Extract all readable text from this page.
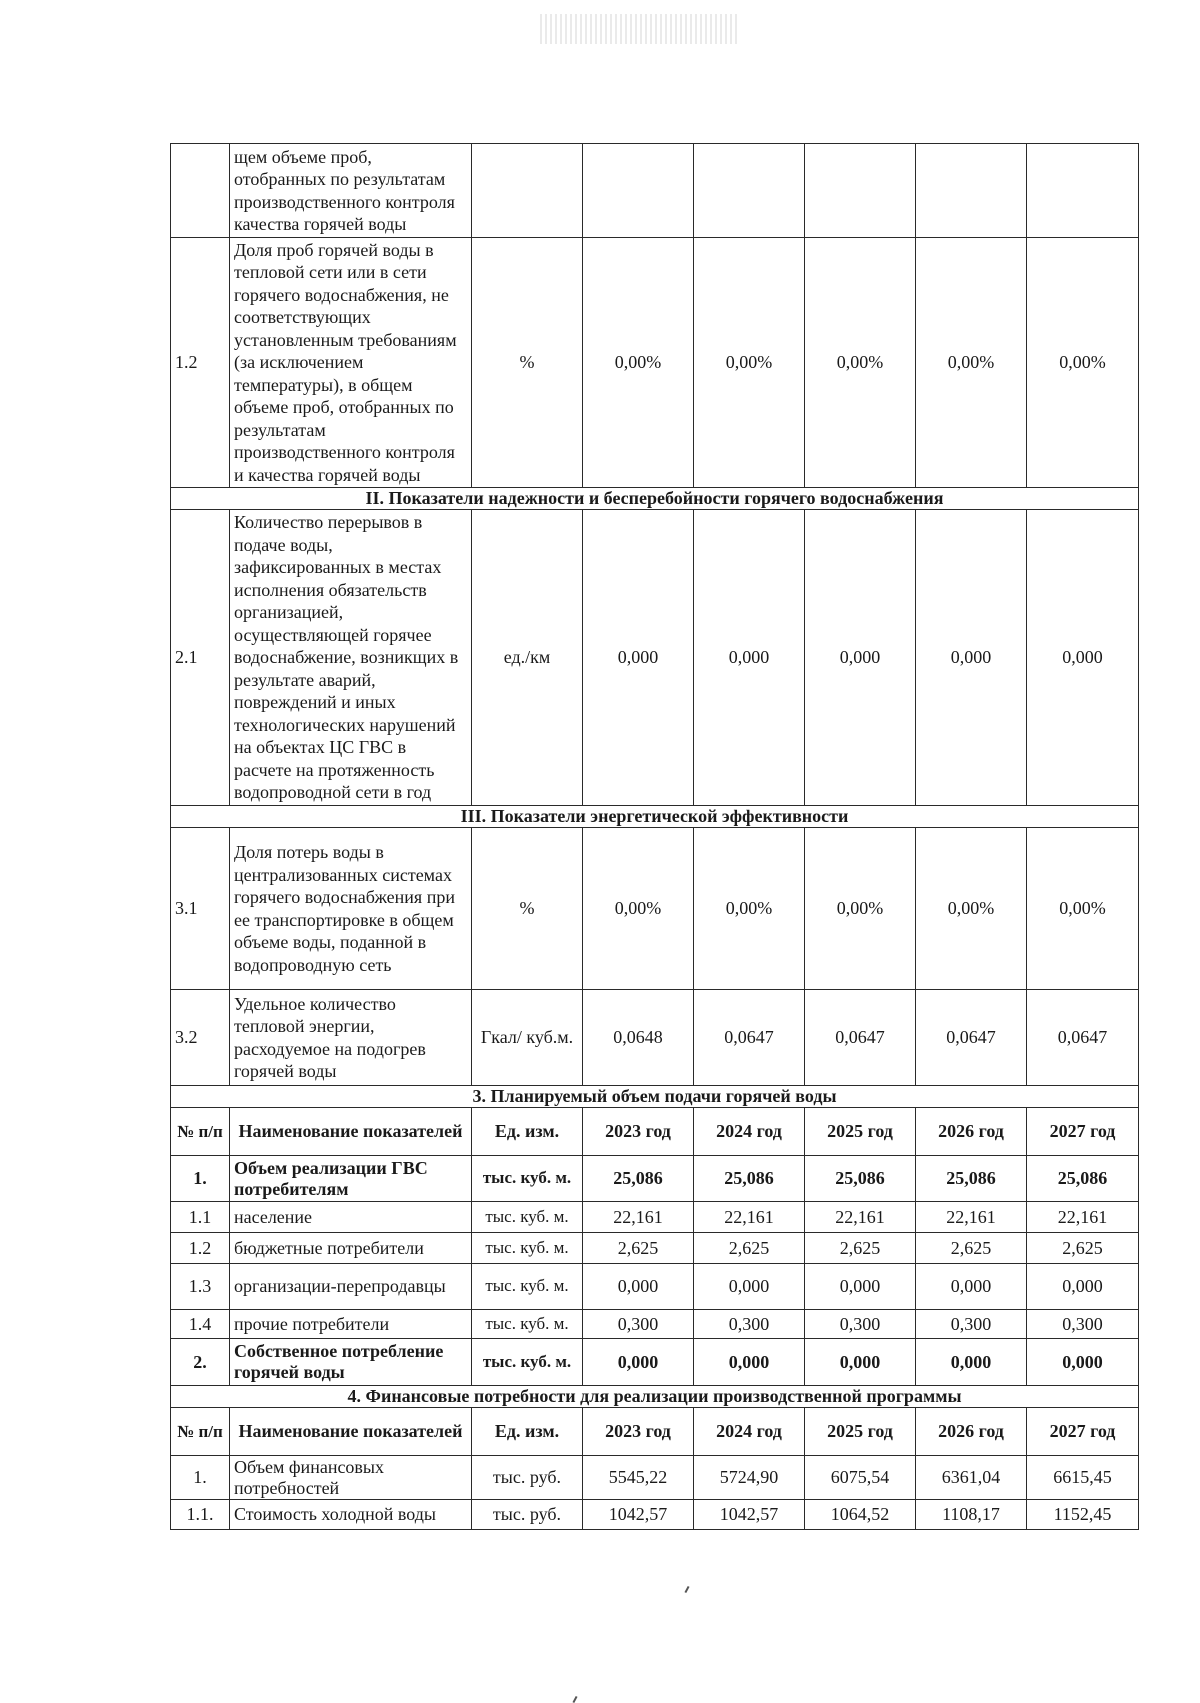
	щем объеме проб, отобранных по результатам производственного контроля качества горячей воды						
1.2	Доля проб горячей воды в тепловой сети или в сети горячего водоснабжения, не соответствующих установленным требованиям (за исключением температуры), в общем объеме проб, отобранных по результатам производственного контроля и качества горячей воды	%	0,00%	0,00%	0,00%	0,00%	0,00%
II. Показатели надежности и бесперебойности горячего водоснабжения							
2.1	Количество перерывов в подаче воды, зафиксированных в местах исполнения обязательств организацией, осуществляющей горячее водоснабжение, возникщих в результате аварий, повреждений и иных технологических нарушений на объектах ЦС ГВС в расчете на протяженность водопроводной сети в год	ед./км	0,000	0,000	0,000	0,000	0,000
III. Показатели энергетической эффективности							
3.1	Доля потерь воды в централизованных системах горячего водоснабжения при ее транспортировке в общем объеме воды, поданной в водопроводную сеть	%	0,00%	0,00%	0,00%	0,00%	0,00%
3.2	Удельное количество тепловой энергии, расходуемое на подогрев горячей воды	Гкал/ куб.м.	0,0648	0,0647	0,0647	0,0647	0,0647
3. Планируемый объем подачи горячей воды							
№ п/п	Наименование показателей	Ед. изм.	2023 год	2024 год	2025 год	2026 год	2027 год
1.	Объем реализации ГВС потребителям	тыс. куб. м.	25,086	25,086	25,086	25,086	25,086
1.1	население	тыс. куб. м.	22,161	22,161	22,161	22,161	22,161
1.2	бюджетные потребители	тыс. куб. м.	2,625	2,625	2,625	2,625	2,625
1.3	организации-перепродавцы	тыс. куб. м.	0,000	0,000	0,000	0,000	0,000
1.4	прочие потребители	тыс. куб. м.	0,300	0,300	0,300	0,300	0,300
2.	Собственное потребление горячей воды	тыс. куб. м.	0,000	0,000	0,000	0,000	0,000
4. Финансовые потребности для реализации производственной программы							
№ п/п	Наименование показателей	Ед. изм.	2023 год	2024 год	2025 год	2026 год	2027 год
1.	Объем финансовых потребностей	тыс. руб.	5545,22	5724,90	6075,54	6361,04	6615,45
1.1.	Стоимость холодной воды	тыс. руб.	1042,57	1042,57	1064,52	1108,17	1152,45
